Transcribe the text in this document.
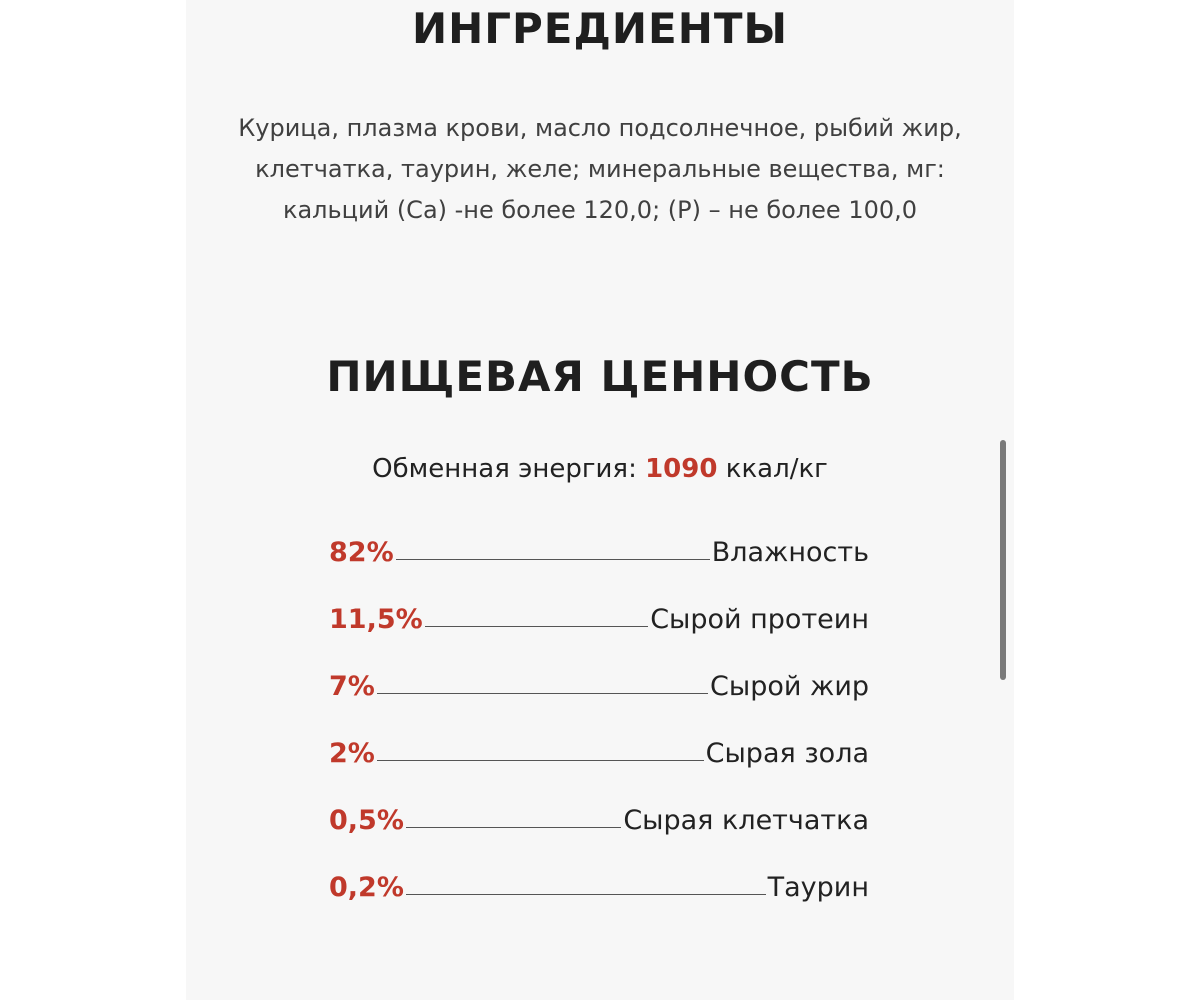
ИНГРЕДИЕНТЫ

Курица, плазма крови, масло подсолнечное, рыбий жир,
клетчатка, таурин, желе; минеральные вещества, мг:
кальций (Са) -не более 120,0; (Р) – не более 100,0

ПИЩЕВАЯ ЦЕННОСТЬ
Обменная энергия: 1090 ккал/кг
82%	Влажность
11,5%	Сырой протеин
7%	Сырой жир
2%	Сырая зола
0,5%	Сырая клетчатка
0,2%	Таурин
